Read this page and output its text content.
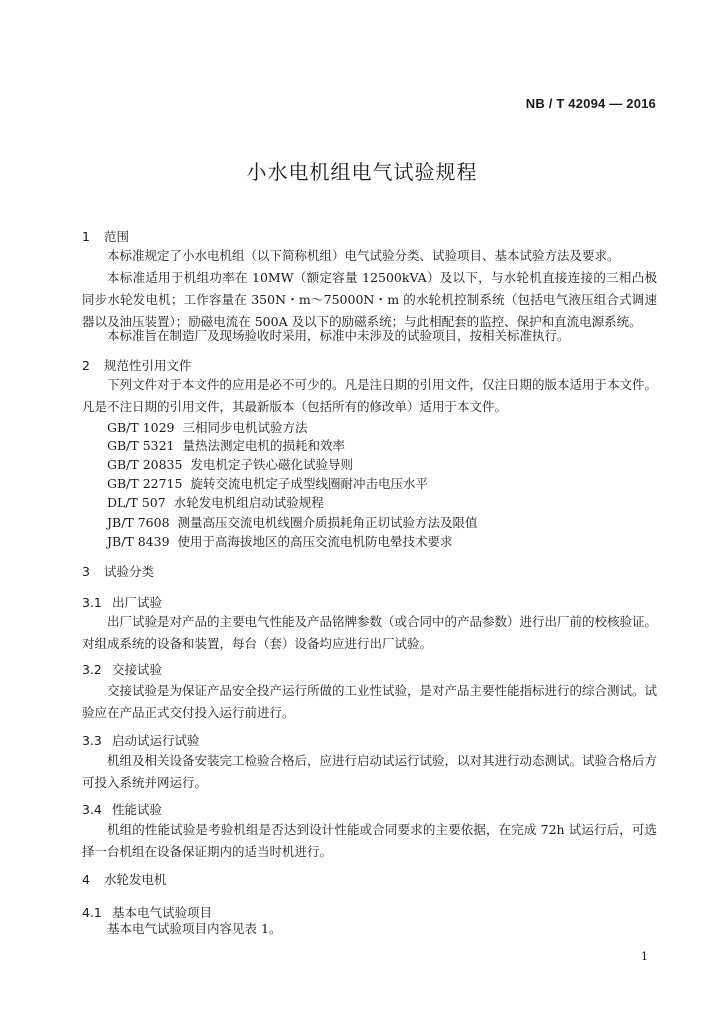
NB / T 42094 — 2016
小水电机组电气试验规程
1 范围

本标准规定了小水电机组（以下简称机组）电气试验分类、试验项目、基本试验方法及要求。

本标准适用于机组功率在 10MW（额定容量 12500kVA）及以下，与水轮机直接连接的三相凸极同步水轮发电机；工作容量在 350N・m～75000N・m 的水轮机控制系统（包括电气液压组合式调速器以及油压装置）；励磁电流在 500A 及以下的励磁系统；与此相配套的监控、保护和直流电源系统。

本标准旨在制造厂及现场验收时采用，标准中未涉及的试验项目，按相关标准执行。

2 规范性引用文件

下列文件对于本文件的应用是必不可少的。凡是注日期的引用文件，仅注日期的版本适用于本文件。凡是不注日期的引用文件，其最新版本（包括所有的修改单）适用于本文件。

GB/T 1029 三相同步电机试验方法
GB/T 5321 量热法测定电机的损耗和效率
GB/T 20835 发电机定子铁心磁化试验导则
GB/T 22715 旋转交流电机定子成型线圈耐冲击电压水平
DL/T 507 水轮发电机组启动试验规程
JB/T 7608 测量高压交流电机线圈介质损耗角正切试验方法及限值
JB/T 8439 使用于高海拔地区的高压交流电机防电晕技术要求
3 试验分类
3.1 出厂试验

出厂试验是对产品的主要电气性能及产品铭牌参数（或合同中的产品参数）进行出厂前的校核验证。对组成系统的设备和装置，每台（套）设备均应进行出厂试验。

3.2 交接试验

交接试验是为保证产品安全投产运行所做的工业性试验，是对产品主要性能指标进行的综合测试。试验应在产品正式交付投入运行前进行。

3.3 启动试运行试验

机组及相关设备安装完工检验合格后，应进行启动试运行试验，以对其进行动态测试。试验合格后方可投入系统并网运行。

3.4 性能试验

机组的性能试验是考验机组是否达到设计性能或合同要求的主要依据，在完成 72h 试运行后，可选择一台机组在设备保证期内的适当时机进行。

4 水轮发电机
4.1 基本电气试验项目

基本电气试验项目内容见表 1。

1
